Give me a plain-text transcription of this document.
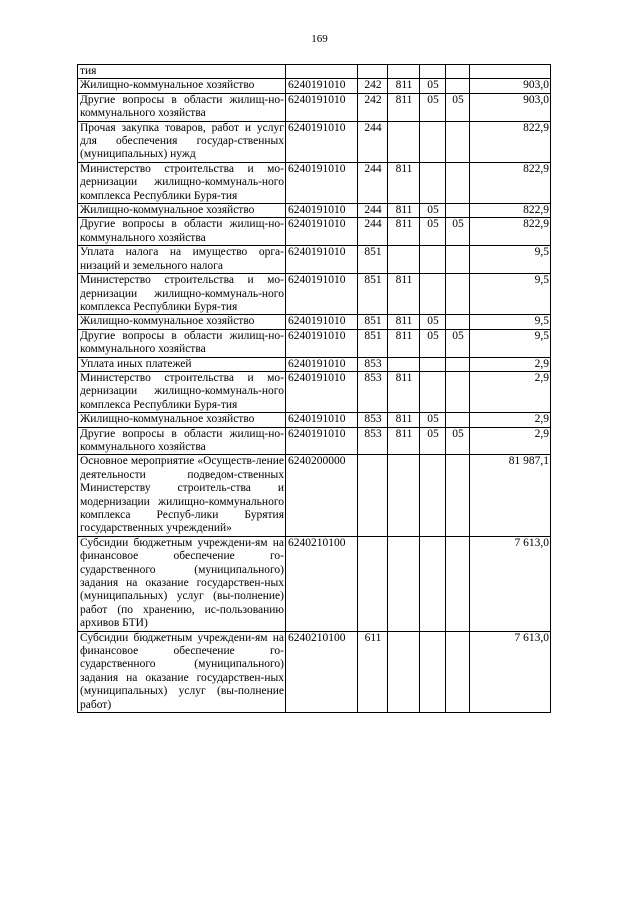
169
тия						
Жилищно-коммунальное хозяйство	6240191010	242	811	05		903,0
Другие вопросы в области жилищ-но-коммунального хозяйства	6240191010	242	811	05	05	903,0
Прочая закупка товаров, работ и услуг для обеспечения государ-ственных (муниципальных) нужд	6240191010	244				822,9
Министерство строительства и мо-дернизации жилищно-коммуналь-ного комплекса Республики Буря-тия	6240191010	244	811			822,9
Жилищно-коммунальное хозяйство	6240191010	244	811	05		822,9
Другие вопросы в области жилищ-но-коммунального хозяйства	6240191010	244	811	05	05	822,9
Уплата налога на имущество орга-низаций и земельного налога	6240191010	851				9,5
Министерство строительства и мо-дернизации жилищно-коммуналь-ного комплекса Республики Буря-тия	6240191010	851	811			9,5
Жилищно-коммунальное хозяйство	6240191010	851	811	05		9,5
Другие вопросы в области жилищ-но-коммунального хозяйства	6240191010	851	811	05	05	9,5
Уплата иных платежей	6240191010	853				2,9
Министерство строительства и мо-дернизации жилищно-коммуналь-ного комплекса Республики Буря-тия	6240191010	853	811			2,9
Жилищно-коммунальное хозяйство	6240191010	853	811	05		2,9
Другие вопросы в области жилищ-но-коммунального хозяйства	6240191010	853	811	05	05	2,9
Основное мероприятие «Осуществ-ление деятельности подведом-ственных Министерству строитель-ства и модернизации жилищно-коммунального комплекса Респуб-лики Бурятия государственных учреждений»	6240200000					81 987,1
Субсидии бюджетным учреждени-ям на финансовое обеспечение го-сударственного (муниципального) задания на оказание государствен-ных (муниципальных) услуг (вы-полнение) работ (по хранению, ис-пользованию архивов БТИ)	6240210100					7 613,0
Субсидии бюджетным учреждени-ям на финансовое обеспечение го-сударственного (муниципального) задания на оказание государствен-ных (муниципальных) услуг (вы-полнение работ)	6240210100	611				7 613,0
